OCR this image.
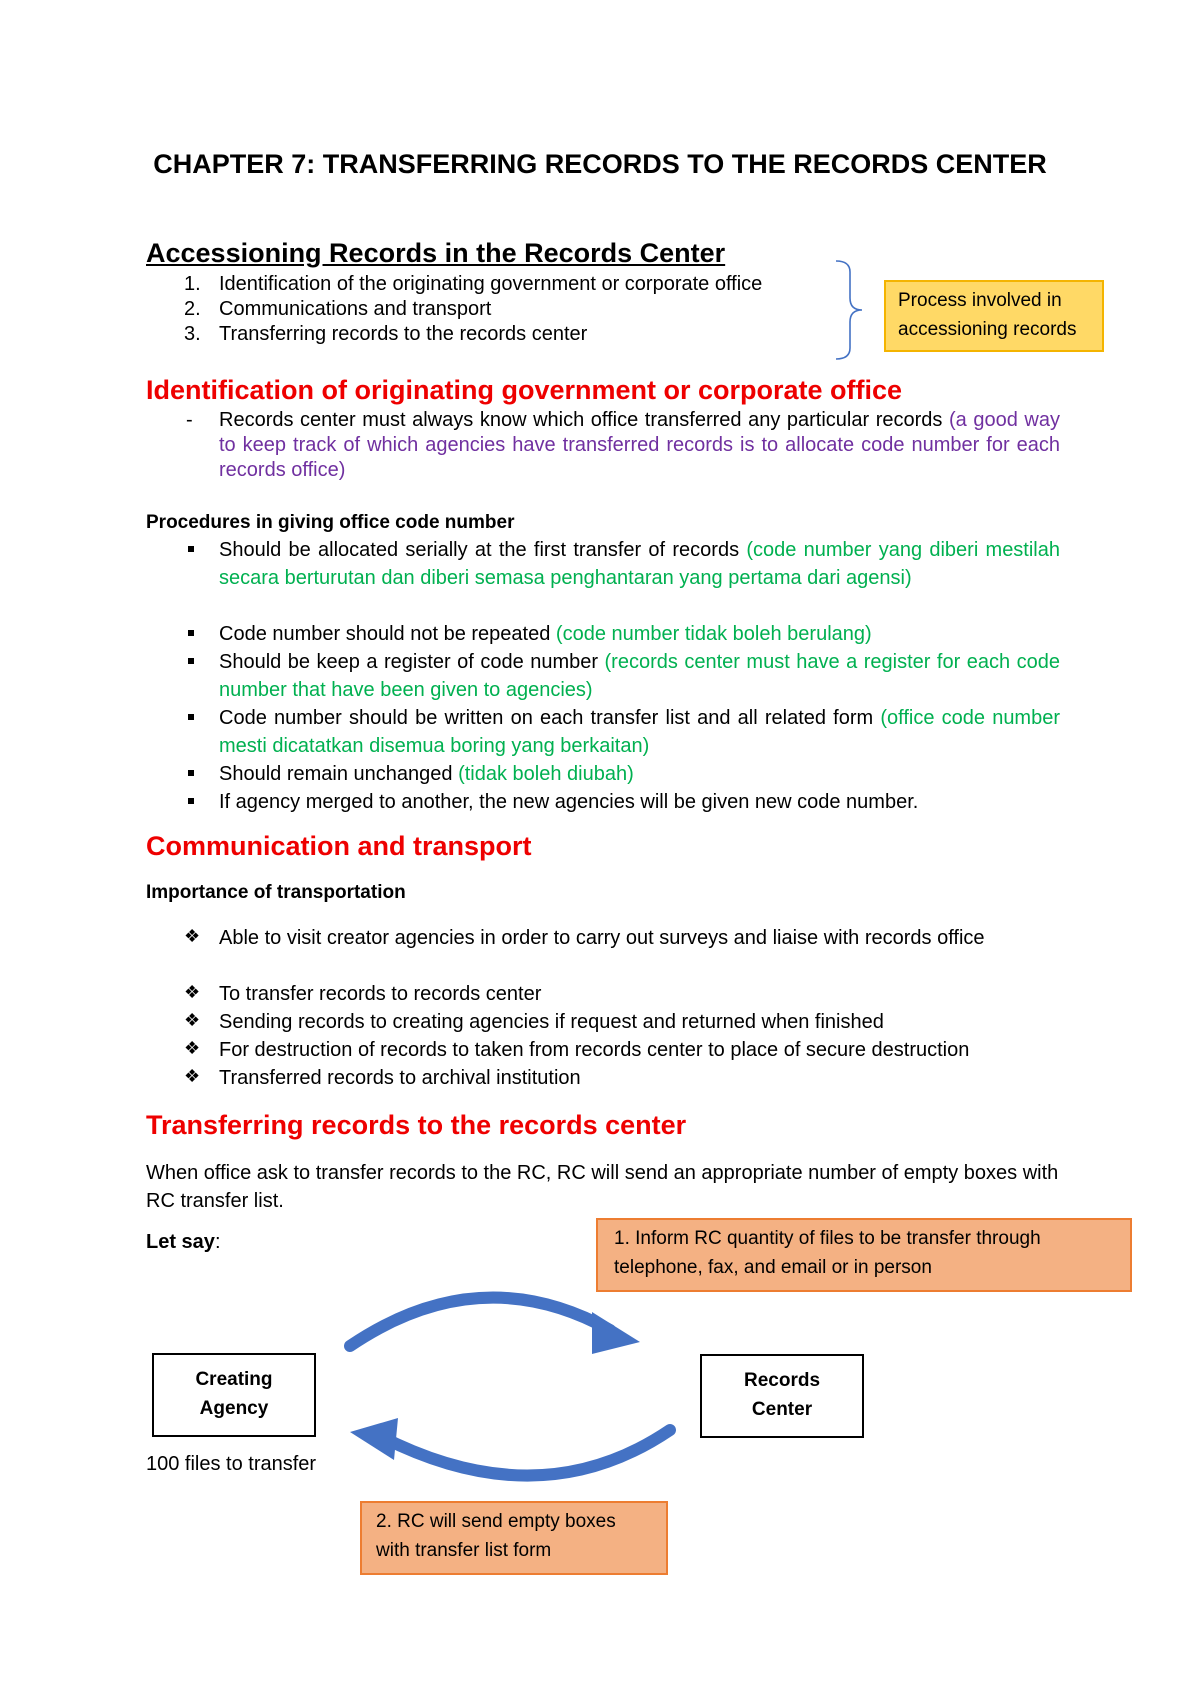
CHAPTER 7: TRANSFERRING RECORDS TO THE RECORDS CENTER
Accessioning Records in the Records Center
1. Identification of the originating government or corporate office
2. Communications and transport
3. Transferring records to the records center
Process involved in accessioning records
Identification of originating government or corporate office
- Records center must always know which office transferred any particular records (a good way to keep track of which agencies have transferred records is to allocate code number for each records office)
Procedures in giving office code number
Should be allocated serially at the first transfer of records (code number yang diberi mestilah secara berturutan dan diberi semasa penghantaran yang pertama dari agensi)
Code number should not be repeated (code number tidak boleh berulang)
Should be keep a register of code number (records center must have a register for each code number that have been given to agencies)
Code number should be written on each transfer list and all related form (office code number mesti dicatatkan disemua boring yang berkaitan)
Should remain unchanged (tidak boleh diubah)
If agency merged to another, the new agencies will be given new code number.
Communication and transport
Importance of transportation
❖ Able to visit creator agencies in order to carry out surveys and liaise with records office
❖ To transfer records to records center
❖ Sending records to creating agencies if request and returned when finished
❖ For destruction of records to taken from records center to place of secure destruction
❖ Transferred records to archival institution
Transferring records to the records center
When office ask to transfer records to the RC, RC will send an appropriate number of empty boxes with RC transfer list.
Let say:	1. Inform RC quantity of files to be transfer through telephone, fax, and email or in person
Creating
Agency
Records
Center
100 files to transfer
2. RC will send empty boxes with transfer list form
